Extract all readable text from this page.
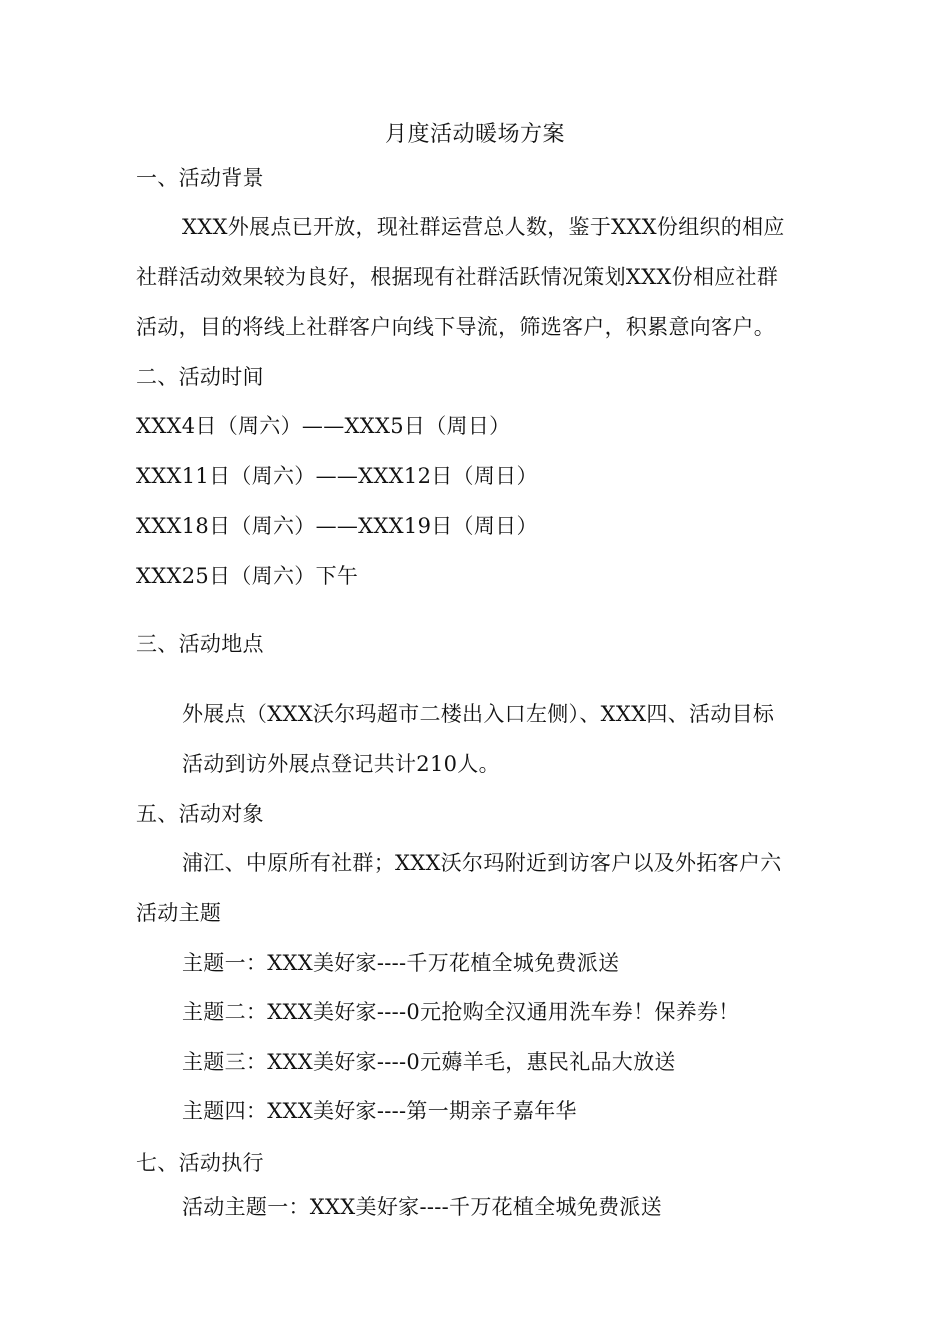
月度活动暖场方案
一、活动背景
XXX外展点已开放，现社群运营总人数，鉴于XXX份组织的相应
社群活动效果较为良好，根据现有社群活跃情况策划XXX份相应社群
活动，目的将线上社群客户向线下导流，筛选客户，积累意向客户。
二、活动时间
XXX4日（周六）——XXX5日（周日）
XXX11日（周六）——XXX12日（周日）
XXX18日（周六）——XXX19日（周日）
XXX25日（周六）下午
三、活动地点
外展点（XXX沃尔玛超市二楼出入口左侧）、XXX四、活动目标
活动到访外展点登记共计210人。
五、活动对象
浦江、中原所有社群；XXX沃尔玛附近到访客户以及外拓客户六
活动主题
主题一：XXX美好家----千万花植全城免费派送
主题二：XXX美好家----0元抢购全汉通用洗车券！保养券！
主题三：XXX美好家----0元薅羊毛，惠民礼品大放送
主题四：XXX美好家----第一期亲子嘉年华
七、活动执行
活动主题一：XXX美好家----千万花植全城免费派送
